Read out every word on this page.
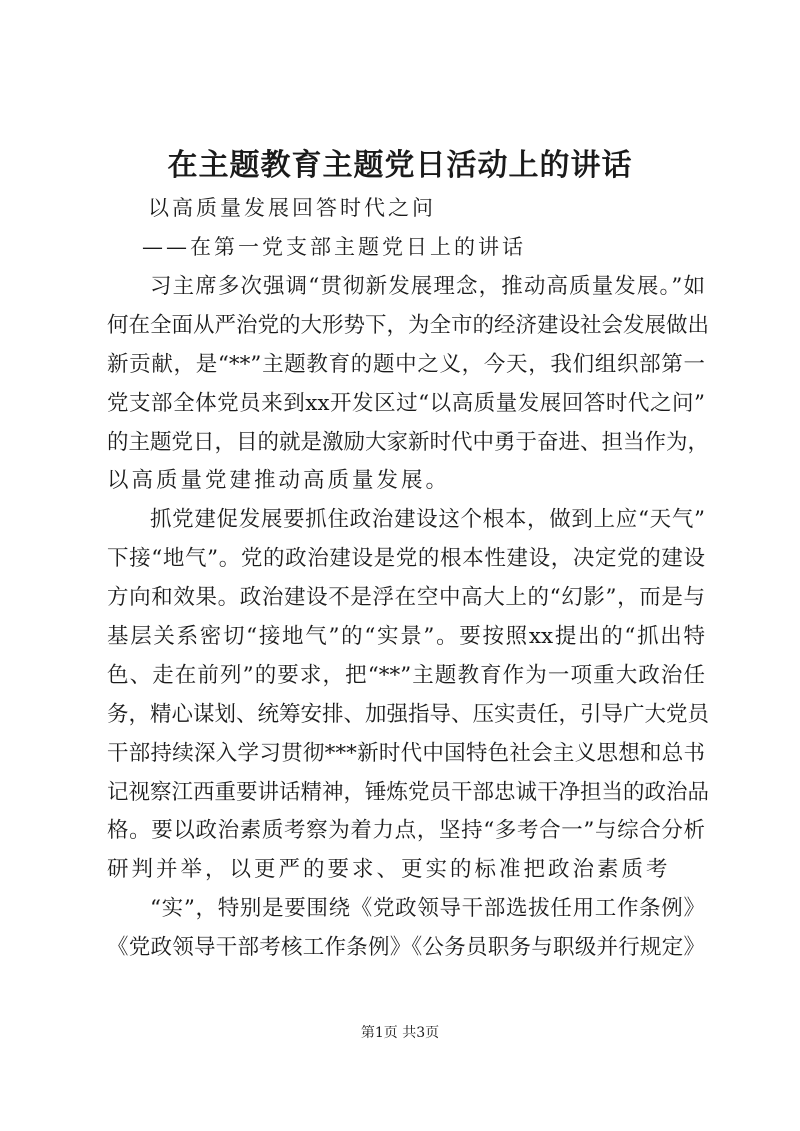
在主题教育主题党日活动上的讲话
以高质量发展回答时代之问
——在第一党支部主题党日上的讲话
习主席多次强调“贯彻新发展理念，推动高质量发展。”如
何在全面从严治党的大形势下，为全市的经济建设社会发展做出
新贡献，是“**”主题教育的题中之义，今天，我们组织部第一
党支部全体党员来到xx开发区过“以高质量发展回答时代之问”
的主题党日，目的就是激励大家新时代中勇于奋进、担当作为，
以高质量党建推动高质量发展。
抓党建促发展要抓住政治建设这个根本，做到上应“天气”
下接“地气”。党的政治建设是党的根本性建设，决定党的建设
方向和效果。政治建设不是浮在空中高大上的“幻影”，而是与
基层关系密切“接地气”的“实景”。要按照xx提出的“抓出特
色、走在前列”的要求，把“**”主题教育作为一项重大政治任
务，精心谋划、统筹安排、加强指导、压实责任，引导广大党员
干部持续深入学习贯彻***新时代中国特色社会主义思想和总书
记视察江西重要讲话精神，锤炼党员干部忠诚干净担当的政治品
格。要以政治素质考察为着力点，坚持“多考合一”与综合分析
研判并举，以更严的要求、更实的标准把政治素质考
“实”，特别是要围绕《党政领导干部选拔任用工作条例》
《党政领导干部考核工作条例》《公务员职务与职级并行规定》
第1页 共3页
